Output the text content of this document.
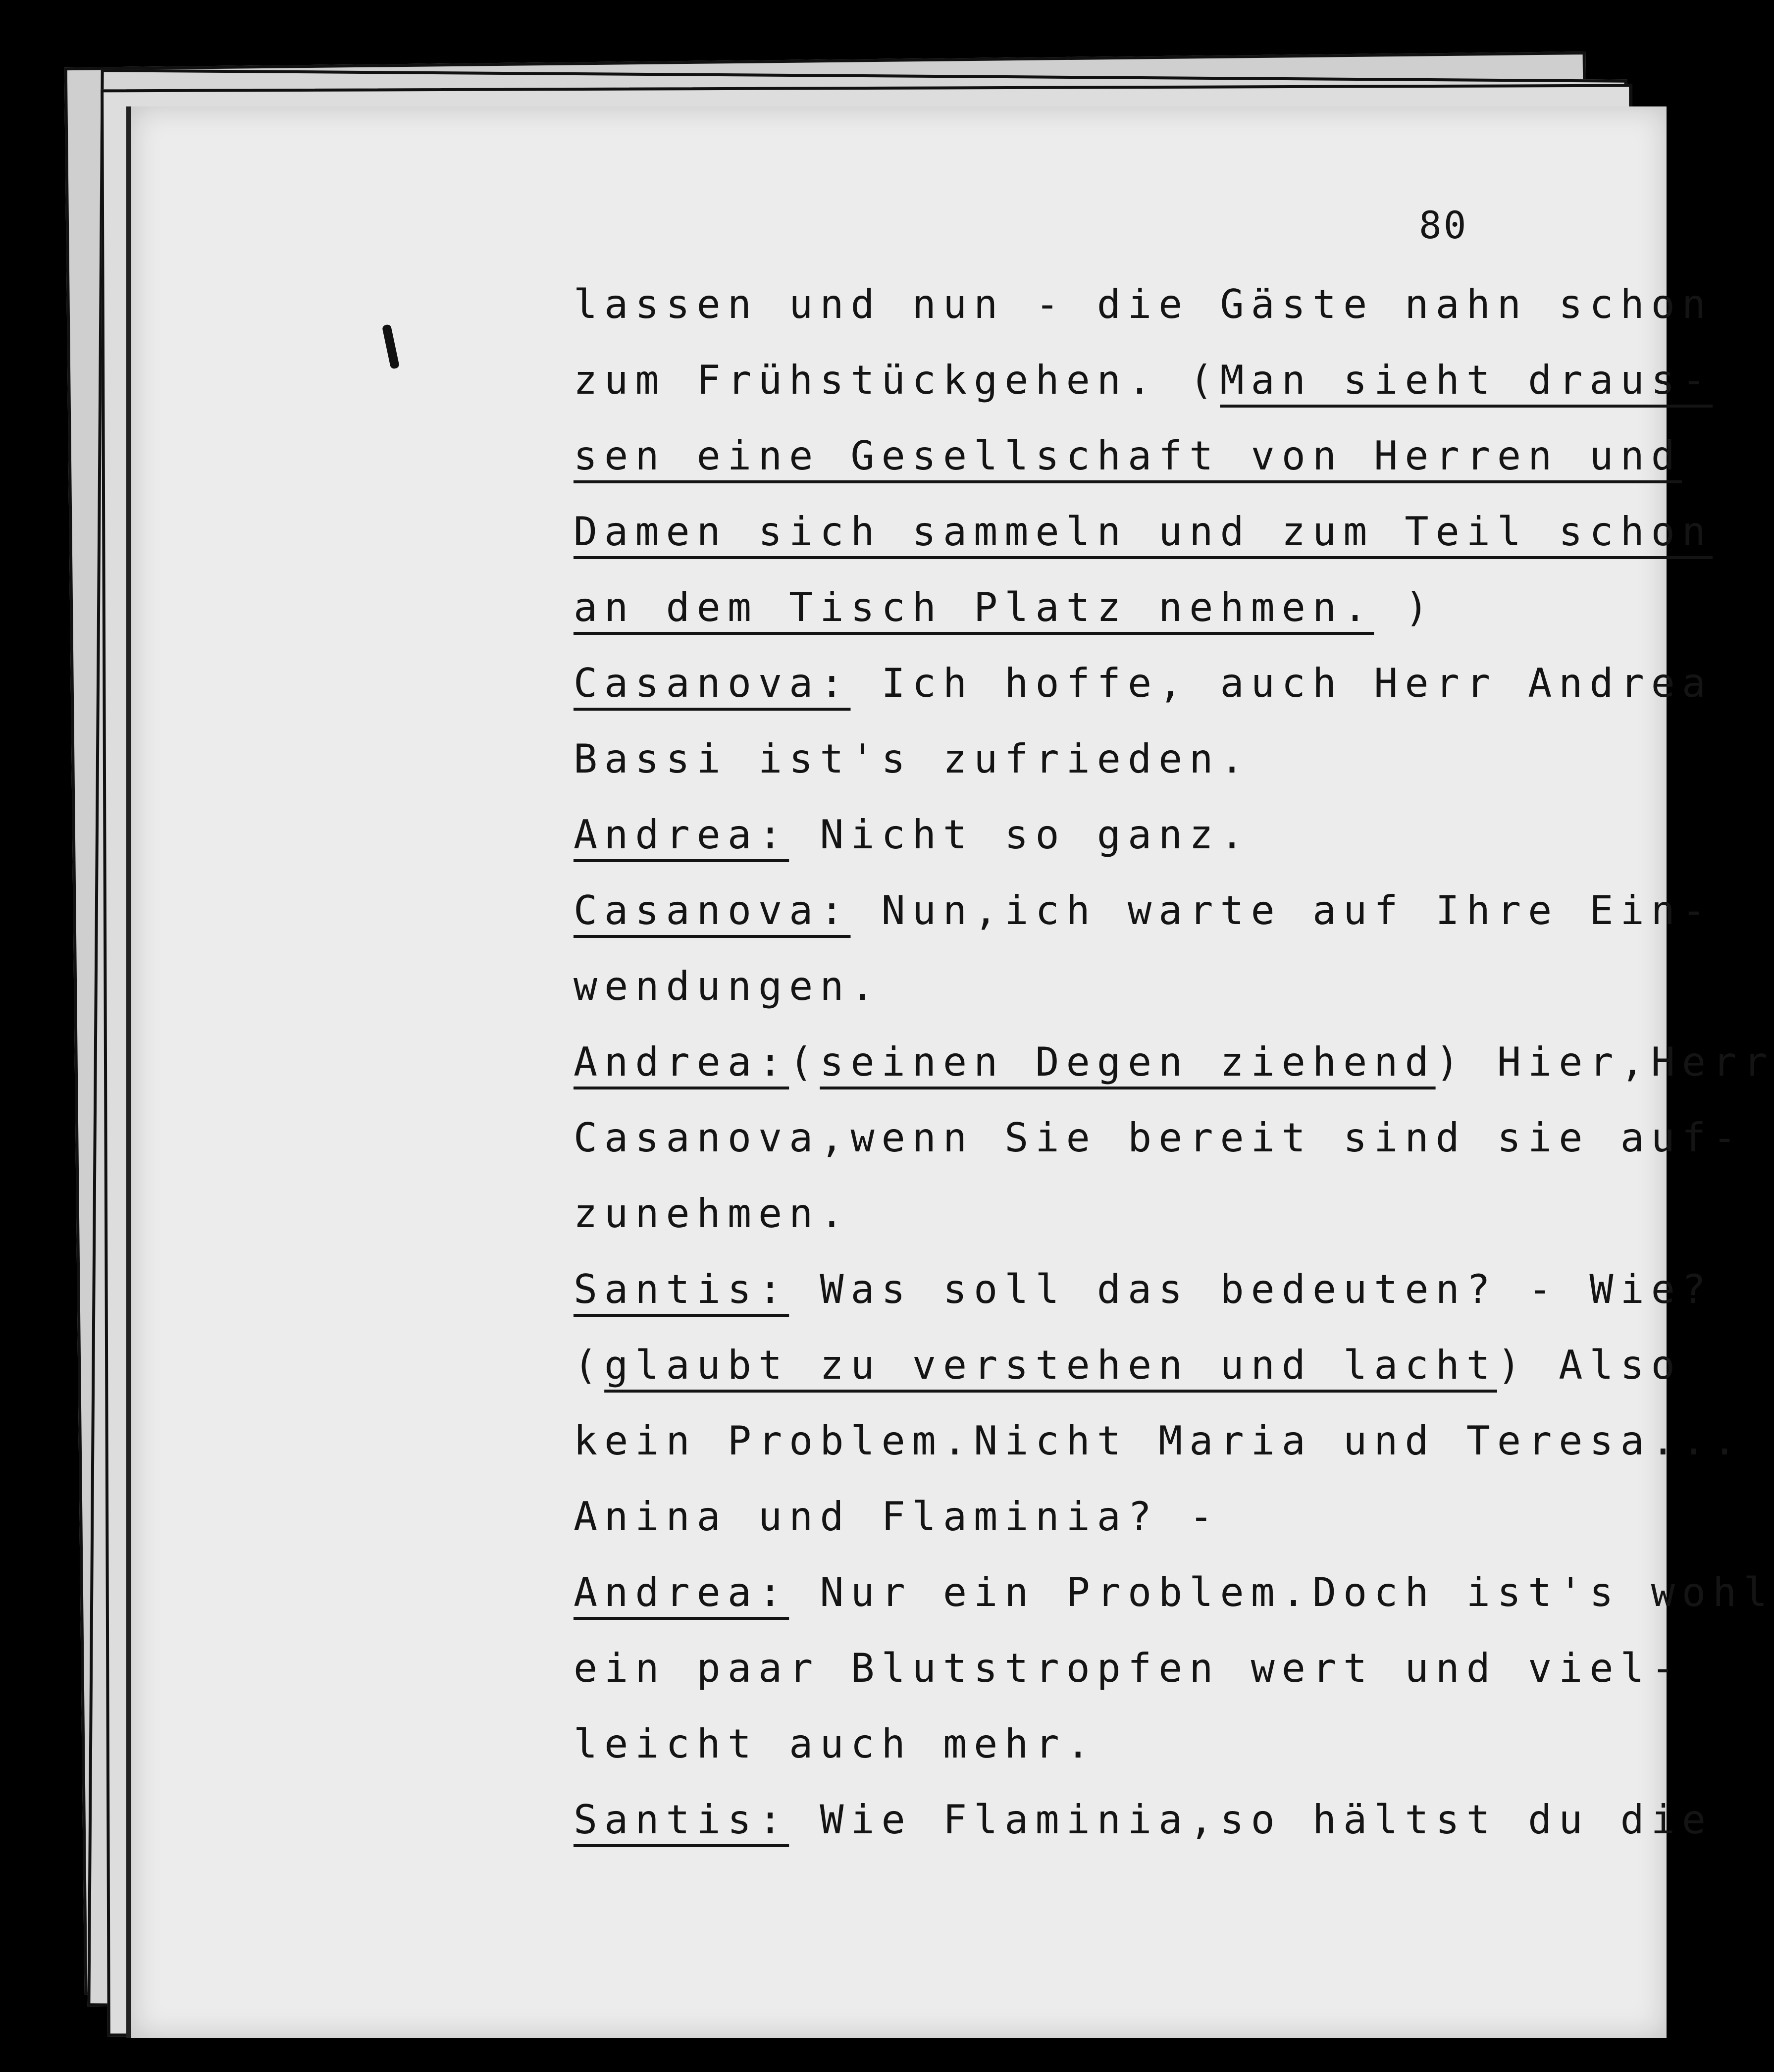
80
lassen und nun - die Gäste nahn schon
zum Frühstückgehen. (Man sieht draus-
sen eine Gesellschaft von Herren und
Damen sich sammeln und zum Teil schon
an dem Tisch Platz nehmen. )
Casanova: Ich hoffe, auch Herr Andrea
Bassi ist's zufrieden.
Andrea: Nicht so ganz.
Casanova: Nun,ich warte auf Ihre Ein-
wendungen.
Andrea:(seinen Degen ziehend) Hier,Herr
Casanova,wenn Sie bereit sind sie auf-
zunehmen.
Santis: Was soll das bedeuten? - Wie?
(glaubt zu verstehen und lacht) Also
kein Problem.Nicht Maria und Teresa...
Anina und Flaminia? -
Andrea: Nur ein Problem.Doch ist's wohl
ein paar Blutstropfen wert und viel-
leicht auch mehr.
Santis: Wie Flaminia,so hältst du die
